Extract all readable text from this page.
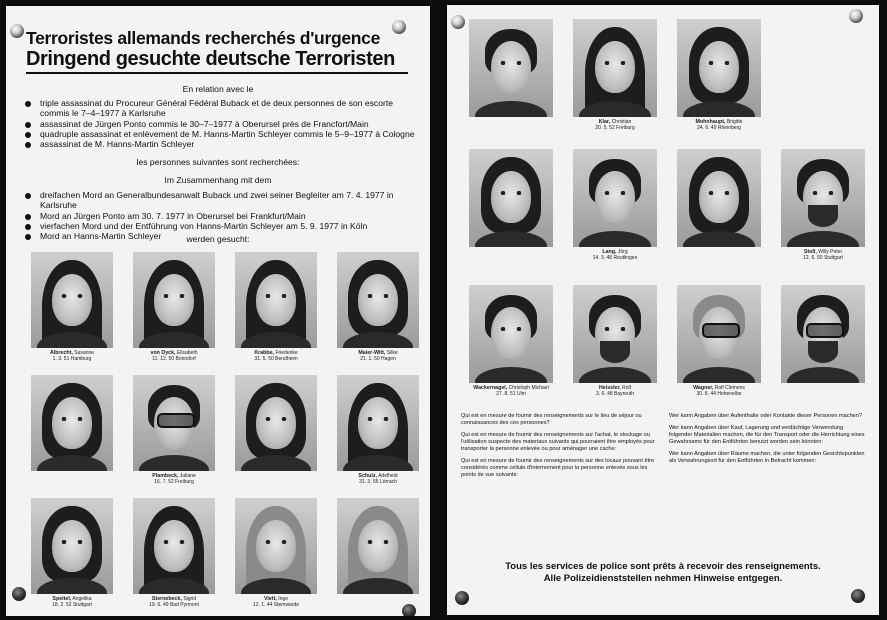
Terroristes allemands recherchés d'urgence
Dringend gesuchte deutsche Terroristen
En relation avec le
triple assassinat du Procureur Général Fédéral Buback et de deux personnes de son escorte commis le 7–4–1977 à Karlsruhe
assassinat de Jürgen Ponto commis le 30–7–1977 à Oberursel près de Francfort/Main
quadruple assassinat et enlèvement de M. Hanns-Martin Schleyer commis le 5–9–1977 à Cologne
assassinat de M. Hanns-Martin Schleyer
les personnes suivantes sont recherchées:
Im Zusammenhang mit dem
dreifachen Mord an Generalbundesanwalt Buback und zwei seiner Begleiter am 7. 4. 1977 in Karlsruhe
Mord an Jürgen Ponto am 30. 7. 1977 in Oberursel bei Frankfurt/Main
vierfachen Mord und der Entführung von Hanns-Martin Schleyer am 5. 9. 1977 in Köln
Mord an Hanns-Martin Schleyer	werden gesucht:
Albrecht, Susanne
1. 3. 51 Hamburg
von Dyck, Elisabeth
11. 12. 50 Bonndorf
Krabbe, Friederike
31. 5. 50 Bendheim
Maier-Witt, Silke
21. 1. 50 Hagen

Plambeck, Juliane
16. 7. 52 Freiburg

Schulz, Adelheid
31. 3. 55 Lörrach
Speitel, Angelika
18. 2. 52 Stuttgart
Sternebeck, Sigrid
19. 6. 49 Bad Pyrmont
Viett, Inge
12. 1. 44 Stemwarde

Klar, Christian
20. 5. 52 Freiburg
Mohnhaupt, Brigitte
24. 6. 49 Rheinberg

Lang, Jörg
14. 3. 48 Reutlingen

Stoll, Willy Peter
12. 6. 50 Stuttgart
Wackernagel, Christoph Michael
27. 8. 51 Ulm
Heissler, Rolf
3. 6. 48 Bayreuth
Wagner, Rolf Clemens
30. 8. 44 Hohenelbe

Qui est en mesure de fournir des renseignements sur le lieu de séjour ou connaissances des ces personnes?

Qui est en mesure de fournir des renseignements sur l'achat, le stockage ou l'utilisation suspecte des materiaux suivants qui pourraient être employés pour transporter la personne enlevée ou pour aménager une cache:

Qui est en mesure de fournir des renseignements sur des locaux pouvant être considérés comme cellule d'internement pour la personne enlevée sous les points de vue suivants:

Wer kann Angaben über Aufenthalte oder Kontakte dieser Personen machen?

Wer kann Angaben über Kauf, Lagerung und verdächtige Verwendung folgender Materialien machen, die für den Transport oder die Herrichtung eines Gewahrsams für den Entführten benutzt worden sein könnten:

Wer kann Angaben über Räume machen, die unter folgenden Gesichtspunkten als Verwahrungsort für den Entführten in Betracht kommen:

Tous les services de police sont prêts à recevoir des renseignements.
Alle Polizeidienststellen nehmen Hinweise entgegen.
